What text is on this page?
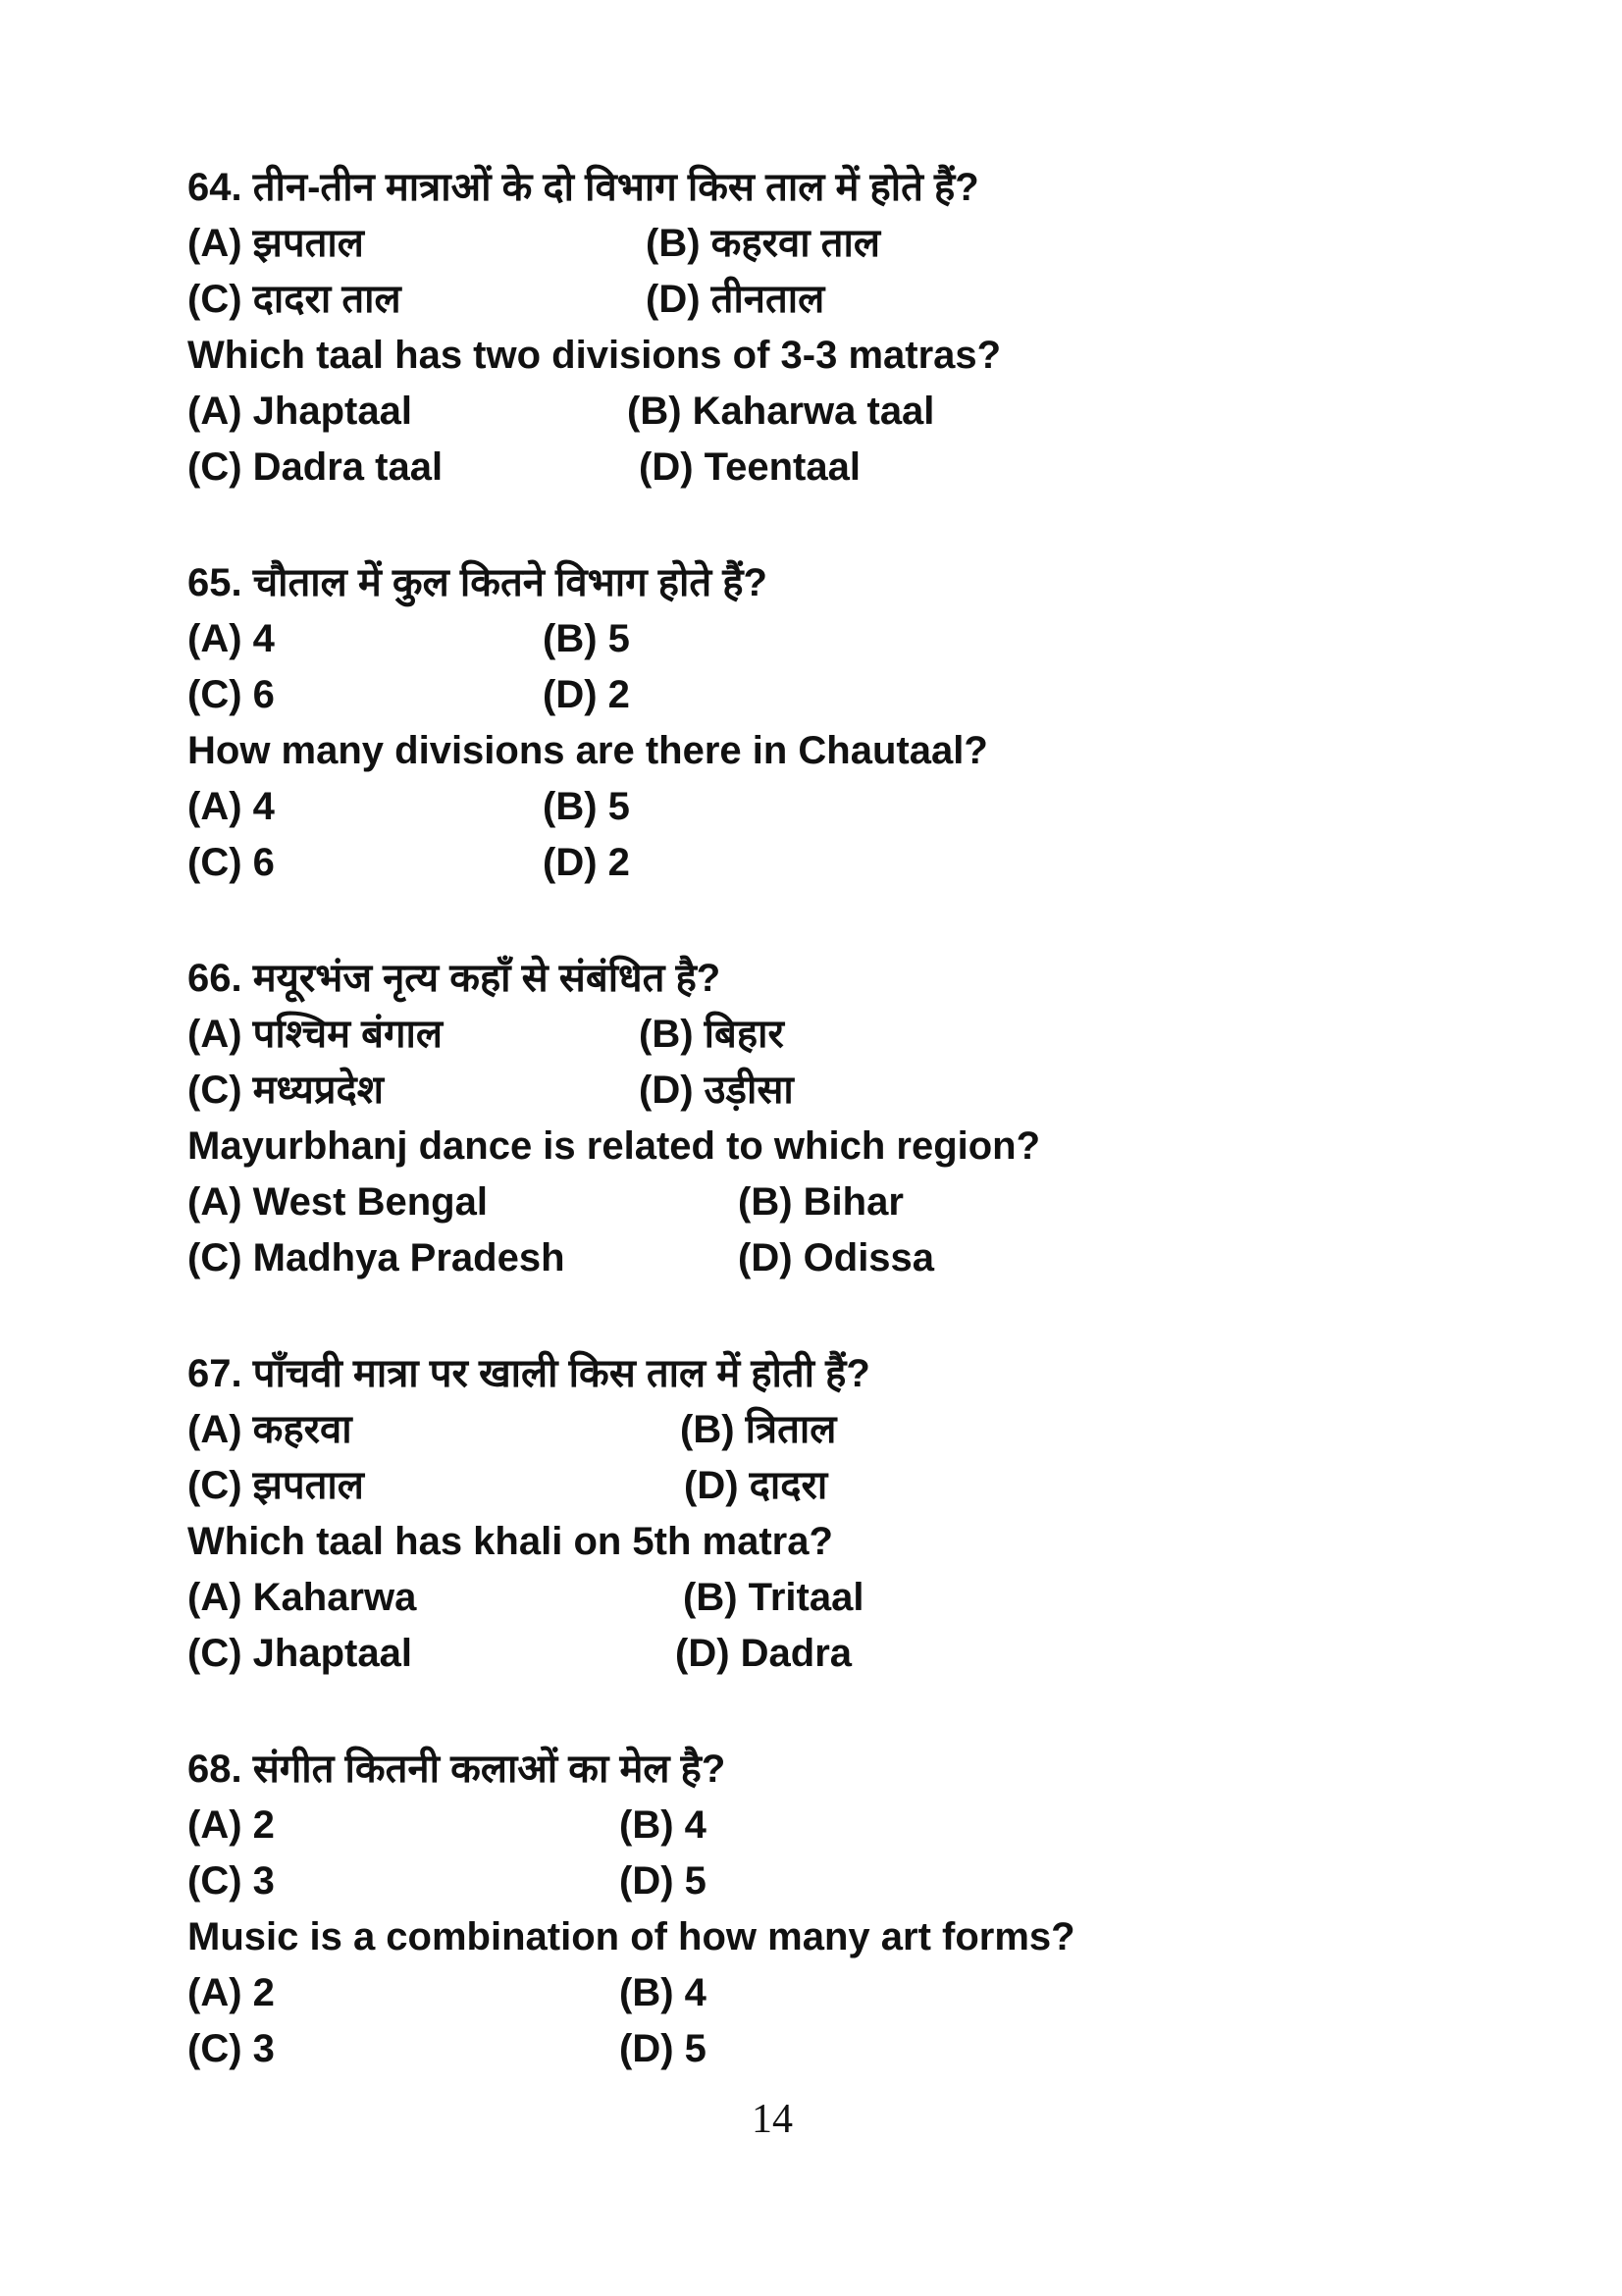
64. तीन-तीन मात्राओं के दो विभाग किस ताल में होते हैं?
(A) झपताल	(B) कहरवा ताल
(C) दादरा ताल	(D) तीनताल
Which taal has two divisions of 3-3 matras?
(A) Jhaptaal	(B) Kaharwa taal
(C) Dadra taal	(D) Teentaal
65. चौताल में कुल कितने विभाग होते हैं?
(A) 4	(B) 5
(C) 6	(D) 2
How many divisions are there in Chautaal?
(A) 4	(B) 5
(C) 6	(D) 2
66. मयूरभंज नृत्य कहाँ से संबंधित है?
(A) पश्चिम बंगाल	(B) बिहार
(C) मध्यप्रदेश	(D) उड़ीसा
Mayurbhanj dance is related to which region?
(A) West Bengal	(B) Bihar
(C) Madhya Pradesh	(D) Odissa
67. पाँचवी मात्रा पर खाली किस ताल में होती हैं?
(A) कहरवा	(B) त्रिताल
(C) झपताल	(D) दादरा
Which taal has khali on 5th matra?
(A) Kaharwa	(B) Tritaal
(C) Jhaptaal	(D) Dadra
68. संगीत कितनी कलाओं का मेल है?
(A) 2	(B) 4
(C) 3	(D) 5
Music is a combination of how many art forms?
(A) 2	(B) 4
(C) 3	(D) 5
14
